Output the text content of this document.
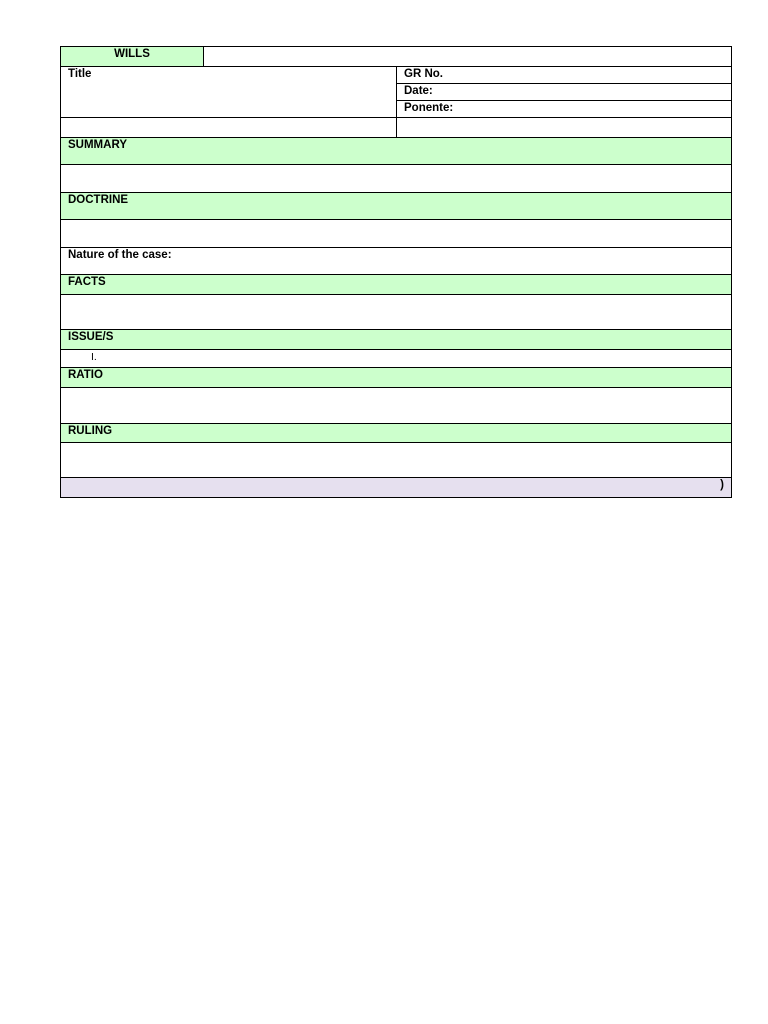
WILLS		
Title		GR No.
		Date:
		Ponente:

SUMMARY		

DOCTRINE		

Nature of the case:		
FACTS		

ISSUE/S		
I.		
RATIO		

RULING		

)		
